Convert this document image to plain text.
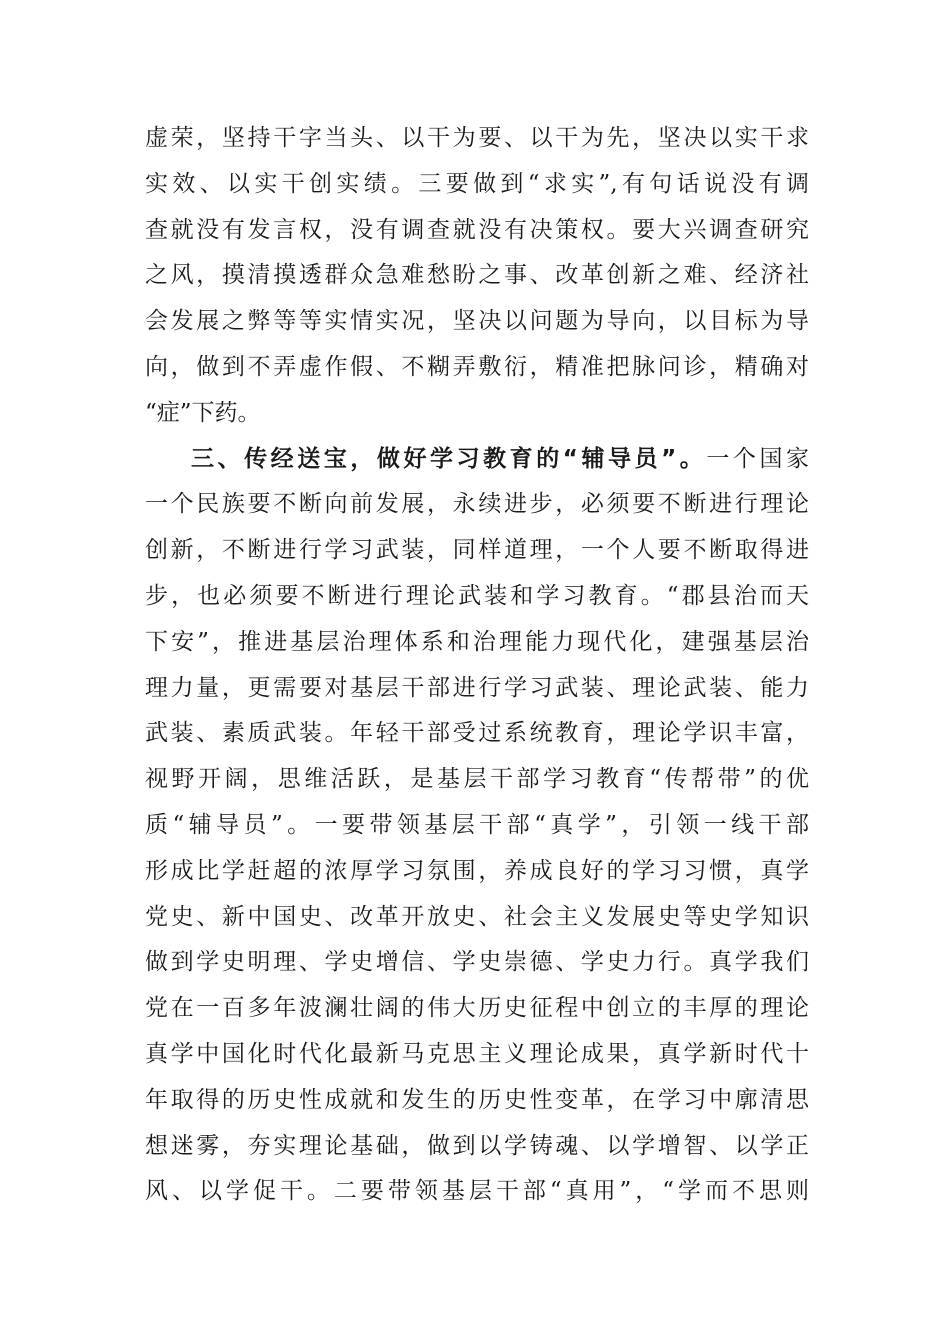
虚荣，坚持干字当头、以干为要、以干为先，坚决以实干求
实效、以实干创实绩。三要做到“求实”,有句话说没有调
查就没有发言权，没有调查就没有决策权。要大兴调查研究
之风，摸清摸透群众急难愁盼之事、改革创新之难、经济社
会发展之弊等等实情实况，坚决以问题为导向，以目标为导
向，做到不弄虚作假、不糊弄敷衍，精准把脉问诊，精确对
“症”下药。
三、传经送宝，做好学习教育的“辅导员”。一个国家
一个民族要不断向前发展，永续进步，必须要不断进行理论
创新，不断进行学习武装，同样道理，一个人要不断取得进
步，也必须要不断进行理论武装和学习教育。“郡县治而天
下安”，推进基层治理体系和治理能力现代化，建强基层治
理力量，更需要对基层干部进行学习武装、理论武装、能力
武装、素质武装。年轻干部受过系统教育，理论学识丰富，
视野开阔，思维活跃，是基层干部学习教育“传帮带”的优
质“辅导员”。一要带领基层干部“真学”，引领一线干部
形成比学赶超的浓厚学习氛围，养成良好的学习习惯，真学
党史、新中国史、改革开放史、社会主义发展史等史学知识
做到学史明理、学史增信、学史崇德、学史力行。真学我们
党在一百多年波澜壮阔的伟大历史征程中创立的丰厚的理论
真学中国化时代化最新马克思主义理论成果，真学新时代十
年取得的历史性成就和发生的历史性变革，在学习中廓清思
想迷雾，夯实理论基础，做到以学铸魂、以学增智、以学正
风、以学促干。二要带领基层干部“真用”，“学而不思则
